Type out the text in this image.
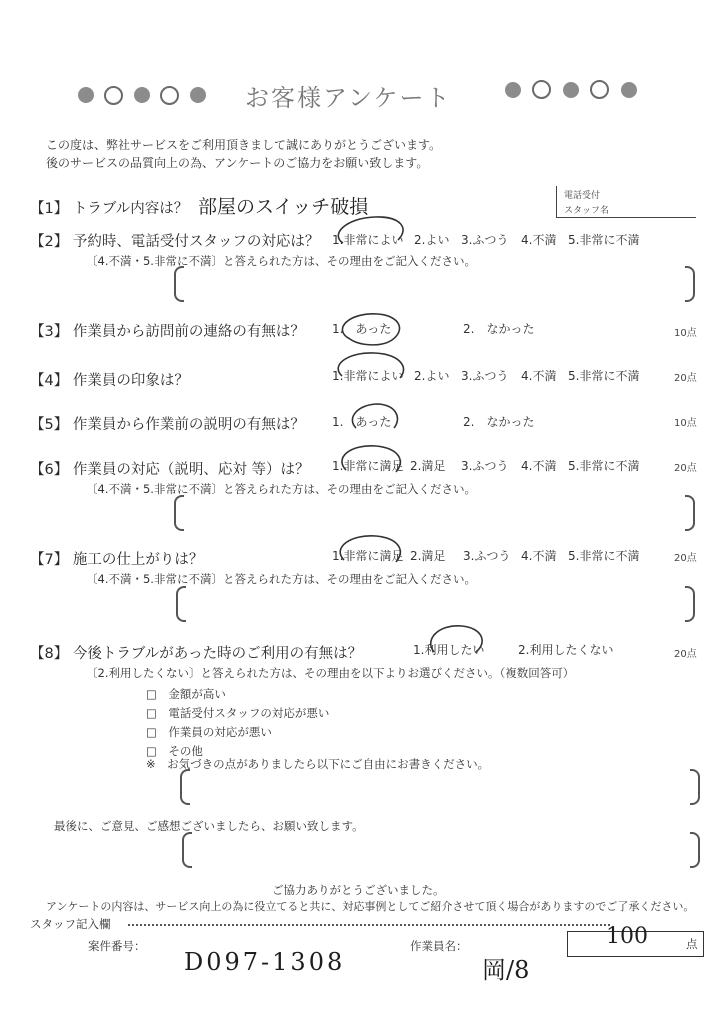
お客様アンケート
この度は、弊社サービスをご利用頂きまして誠にありがとうございます。
後のサービスの品質向上の為、アンケートのご協力をお願い致します。
【1】 トラブル内容は？ 部屋のスイッチ破損	電話受付
スタッフ名
【2】 予約時、電話受付スタッフの対応は？ 1.非常によい 2.よい 3.ふつう 4.不満 5.非常に不満
〔4.不満・5.非常に不満〕と答えられた方は、その理由をご記入ください。
【3】 作業員から訪問前の連絡の有無は？ 1.　あった	2.　なかった	10点
【4】 作業員の印象は？	1.非常によい 2.よい 3.ふつう 4.不満 5.非常に不満	20点
【5】 作業員から作業前の説明の有無は？ 1.　あった	2.　なかった	10点
【6】 作業員の対応（説明、応対 等）は？ 1.非常に満足 2.満足 3.ふつう 4.不満 5.非常に不満	20点
〔4.不満・5.非常に不満〕と答えられた方は、その理由をご記入ください。
【7】 施工の仕上がりは？	1.非常に満足 2.満足 3.ふつう 4.不満 5.非常に不満	20点
〔4.不満・5.非常に不満〕と答えられた方は、その理由をご記入ください。
【8】 今後トラブルがあった時のご利用の有無は？	1.利用したい	2.利用したくない	20点
〔2.利用したくない〕と答えられた方は、その理由を以下よりお選びください。（複数回答可）
□　金額が高い
□　電話受付スタッフの対応が悪い
□　作業員の対応が悪い
□　その他
※　お気づきの点がありましたら以下にご自由にお書きください。
最後に、ご意見、ご感想ございましたら、お願い致します。
ご協力ありがとうございました。
アンケートの内容は、サービス向上の為に役立てると共に、対応事例としてご紹介させて頂く場合がありますのでご了承ください。
スタッフ記入欄
案件番号：
D097-1308
作業員名：
岡/8
100	点
